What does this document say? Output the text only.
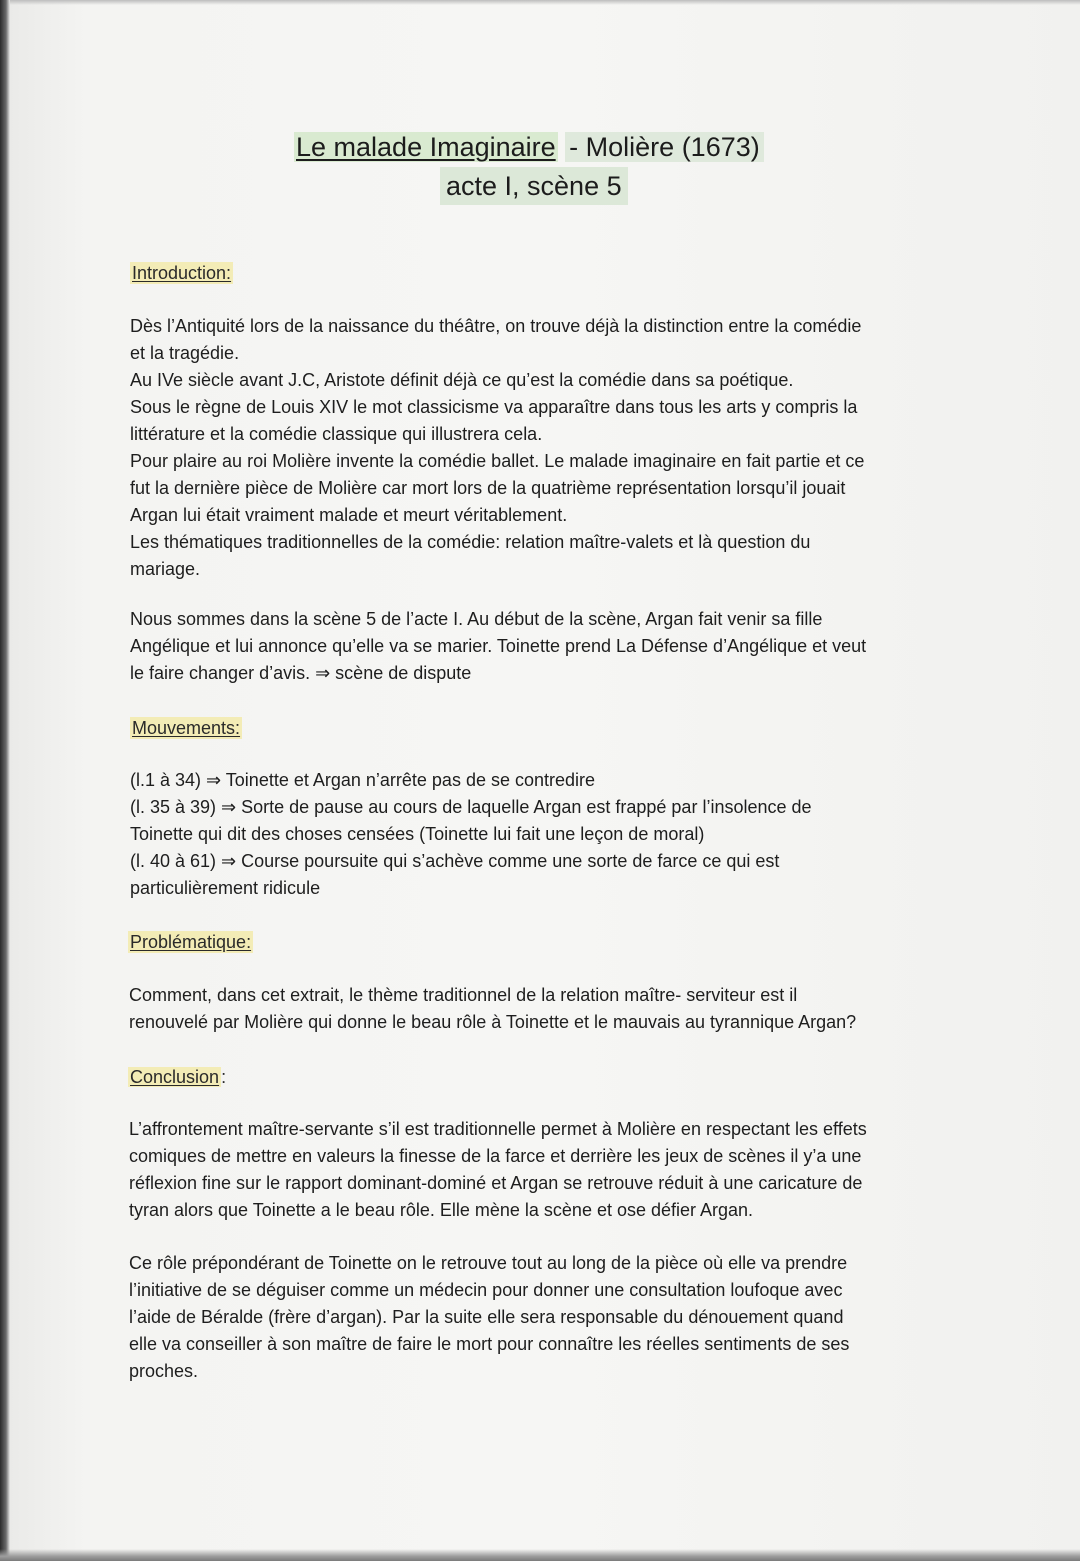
Le malade Imaginaire - Molière (1673)
acte I, scène 5
Introduction:
Dès l’Antiquité lors de la naissance du théâtre, on trouve déjà la distinction entre la comédie
et la tragédie.
Au IVe siècle avant J.C, Aristote définit déjà ce qu’est la comédie dans sa poétique.
Sous le règne de Louis XIV le mot classicisme va apparaître dans tous les arts y compris la
littérature et la comédie classique qui illustrera cela.
Pour plaire au roi Molière invente la comédie ballet. Le malade imaginaire en fait partie et ce
fut la dernière pièce de Molière car mort lors de la quatrième représentation lorsqu’il jouait
Argan lui était vraiment malade et meurt véritablement.
Les thématiques traditionnelles de la comédie: relation maître-valets et là question du
mariage.
Nous sommes dans la scène 5 de l’acte I. Au début de la scène, Argan fait venir sa fille
Angélique et lui annonce qu’elle va se marier. Toinette prend La Défense d’Angélique et veut
le faire changer d’avis. ⇒ scène de dispute
Mouvements:
(l.1 à 34) ⇒ Toinette et Argan n’arrête pas de se contredire
(l. 35 à 39) ⇒ Sorte de pause au cours de laquelle Argan est frappé par l’insolence de
Toinette qui dit des choses censées (Toinette lui fait une leçon de moral)
(l. 40 à 61) ⇒ Course poursuite qui s’achève comme une sorte de farce ce qui est
particulièrement ridicule
Problématique:
Comment, dans cet extrait, le thème traditionnel de la relation maître- serviteur est il
renouvelé par Molière qui donne le beau rôle à Toinette et le mauvais au tyrannique Argan?
Conclusion :
L’affrontement maître-servante s’il est traditionnelle permet à Molière en respectant les effets
comiques de mettre en valeurs la finesse de la farce et derrière les jeux de scènes il y’a une
réflexion fine sur le rapport dominant-dominé et Argan se retrouve réduit à une caricature de
tyran alors que Toinette a le beau rôle. Elle mène la scène et ose défier Argan.
Ce rôle prépondérant de Toinette on le retrouve tout au long de la pièce où elle va prendre
l’initiative de se déguiser comme un médecin pour donner une consultation loufoque avec
l’aide de Béralde (frère d’argan). Par la suite elle sera responsable du dénouement quand
elle va conseiller à son maître de faire le mort pour connaître les réelles sentiments de ses
proches.
